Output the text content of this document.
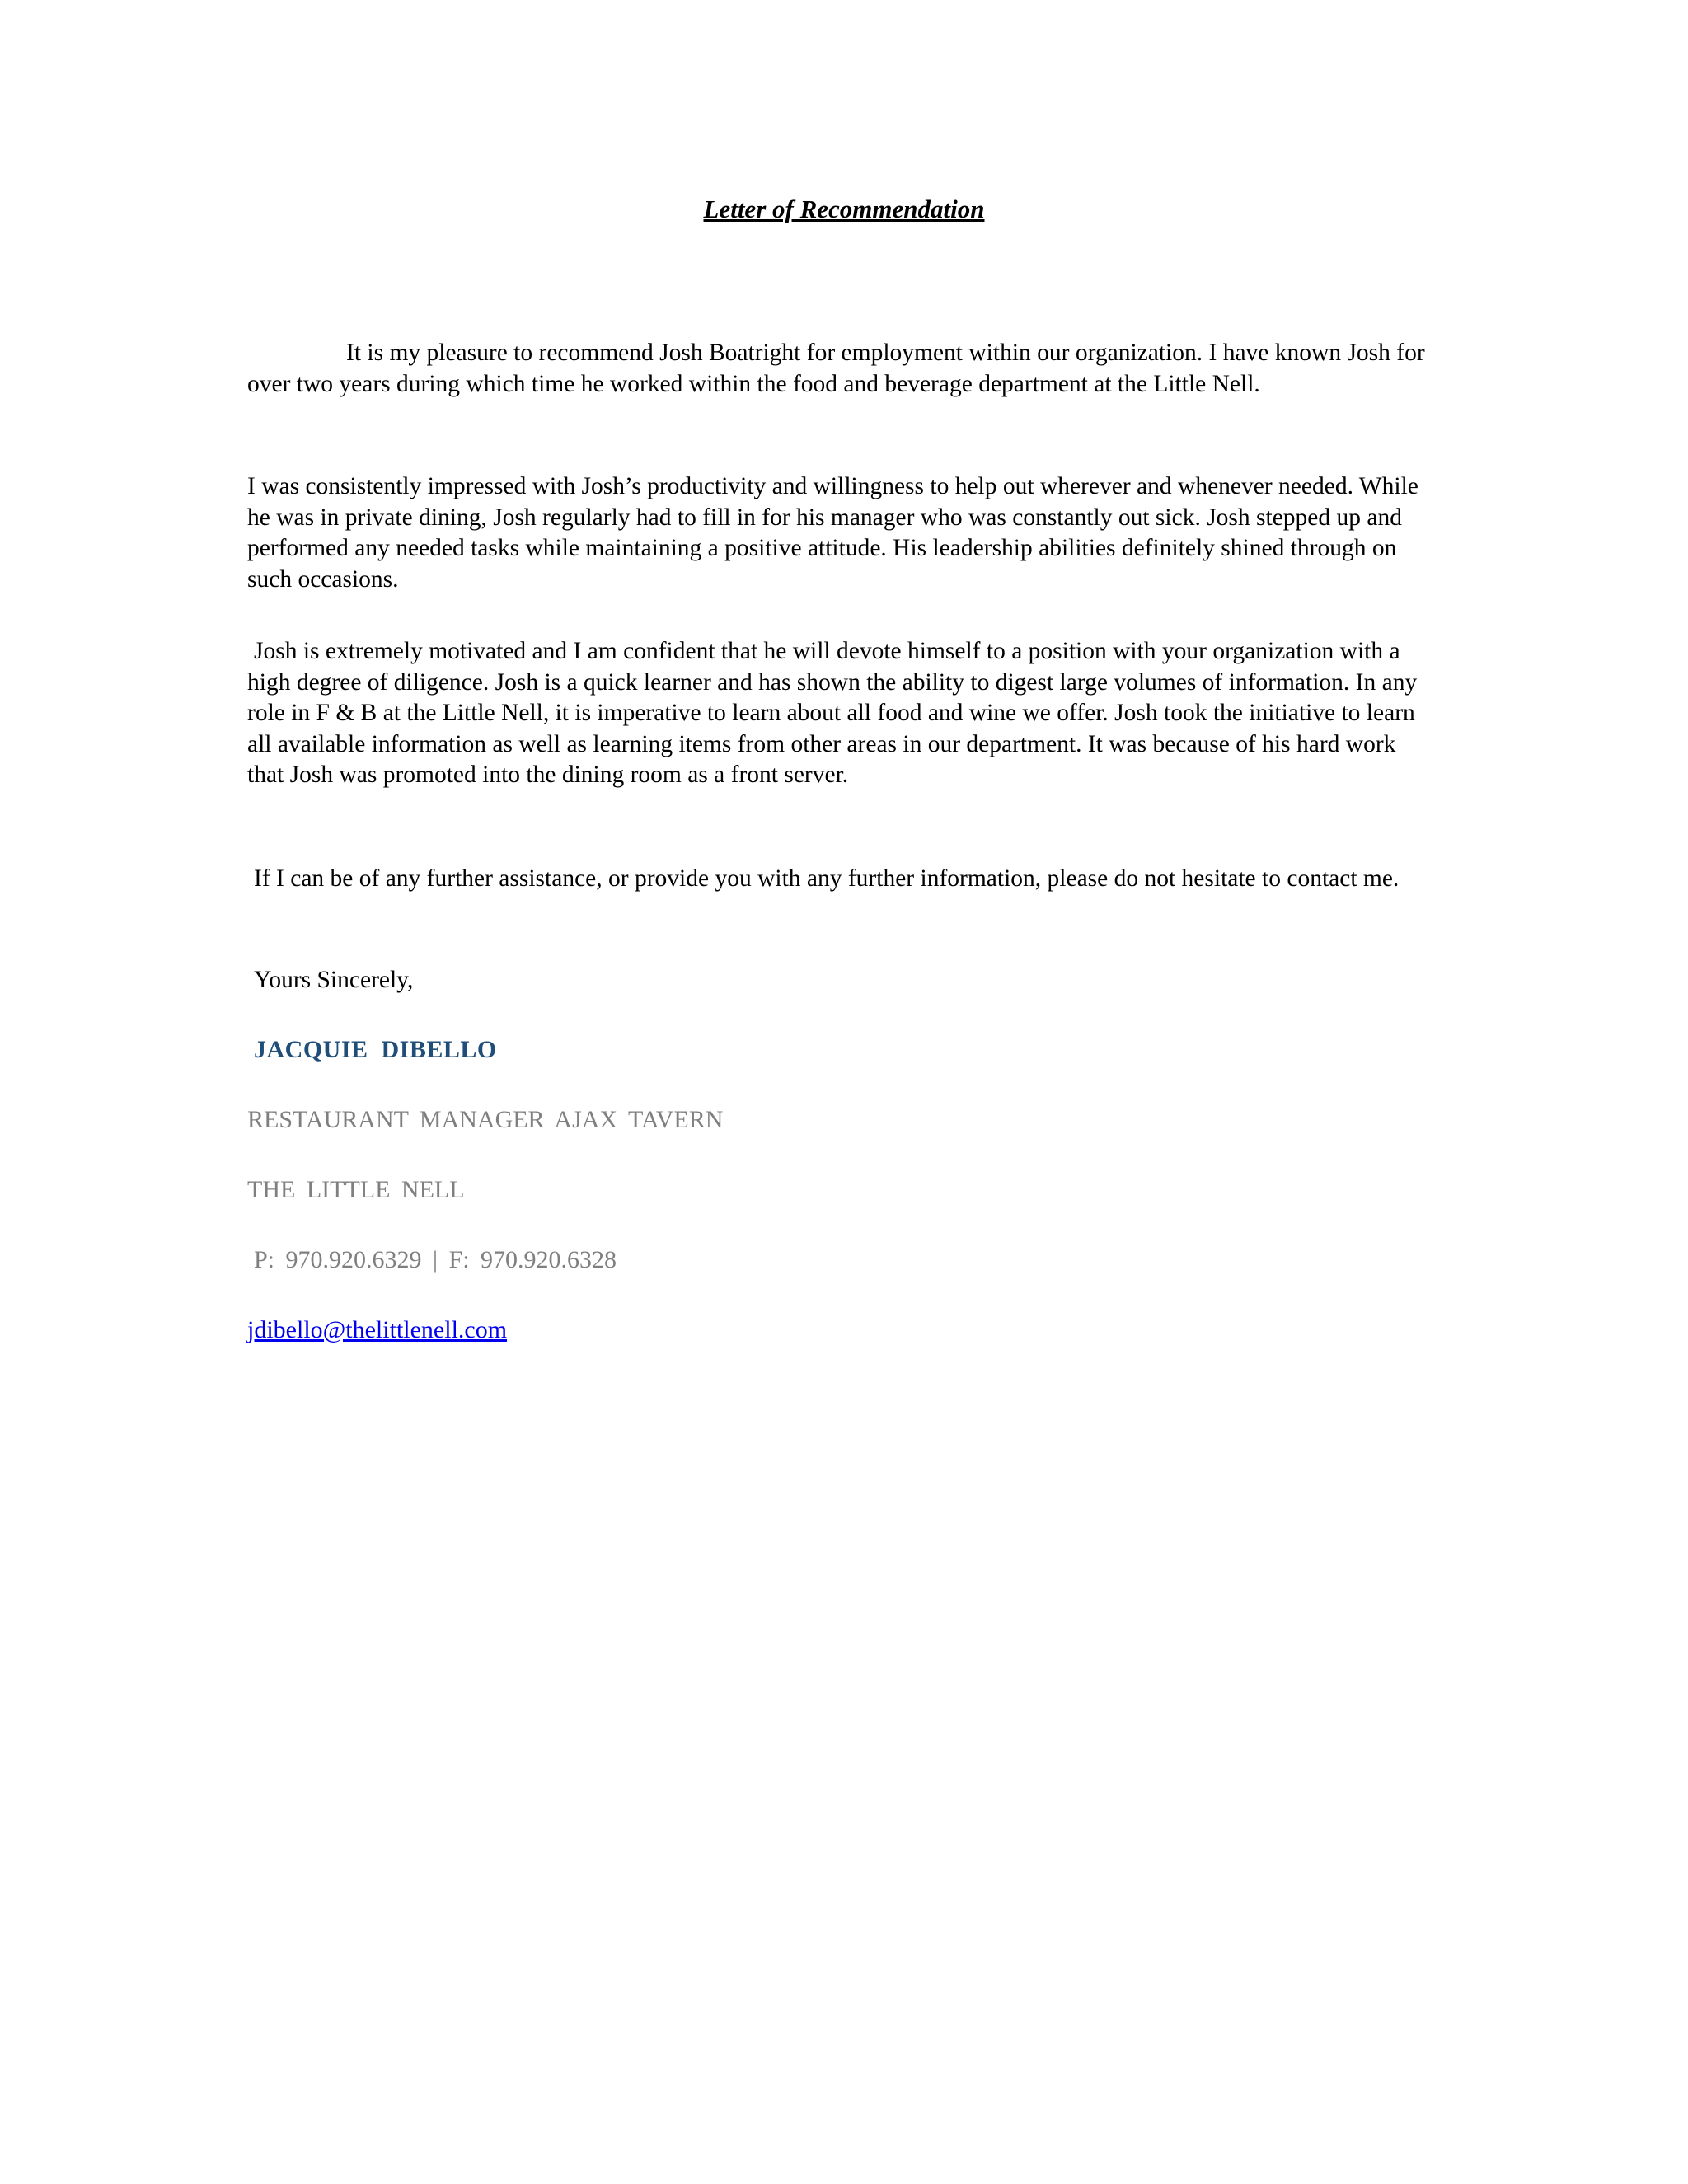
Letter of Recommendation

It is my pleasure to recommend Josh Boatright for employment within our organization. I have known Josh for over two years during which time he worked within the food and beverage department at the Little Nell.

I was consistently impressed with Josh’s productivity and willingness to help out wherever and whenever needed. While he was in private dining, Josh regularly had to fill in for his manager who was constantly out sick. Josh stepped up and performed any needed tasks while maintaining a positive attitude. His leadership abilities definitely shined through on such occasions.

Josh is extremely motivated and I am confident that he will devote himself to a position with your organization with a high degree of diligence. Josh is a quick learner and has shown the ability to digest large volumes of information. In any role in F & B at the Little Nell, it is imperative to learn about all food and wine we offer. Josh took the initiative to learn all available information as well as learning items from other areas in our department. It was because of his hard work that Josh was promoted into the dining room as a front server.

If I can be of any further assistance, or provide you with any further information, please do not hesitate to contact me.

Yours Sincerely,
JACQUIE DIBELLO
RESTAURANT MANAGER AJAX TAVERN
THE LITTLE NELL
P: 970.920.6329 | F: 970.920.6328
jdibello@thelittlenell.com
